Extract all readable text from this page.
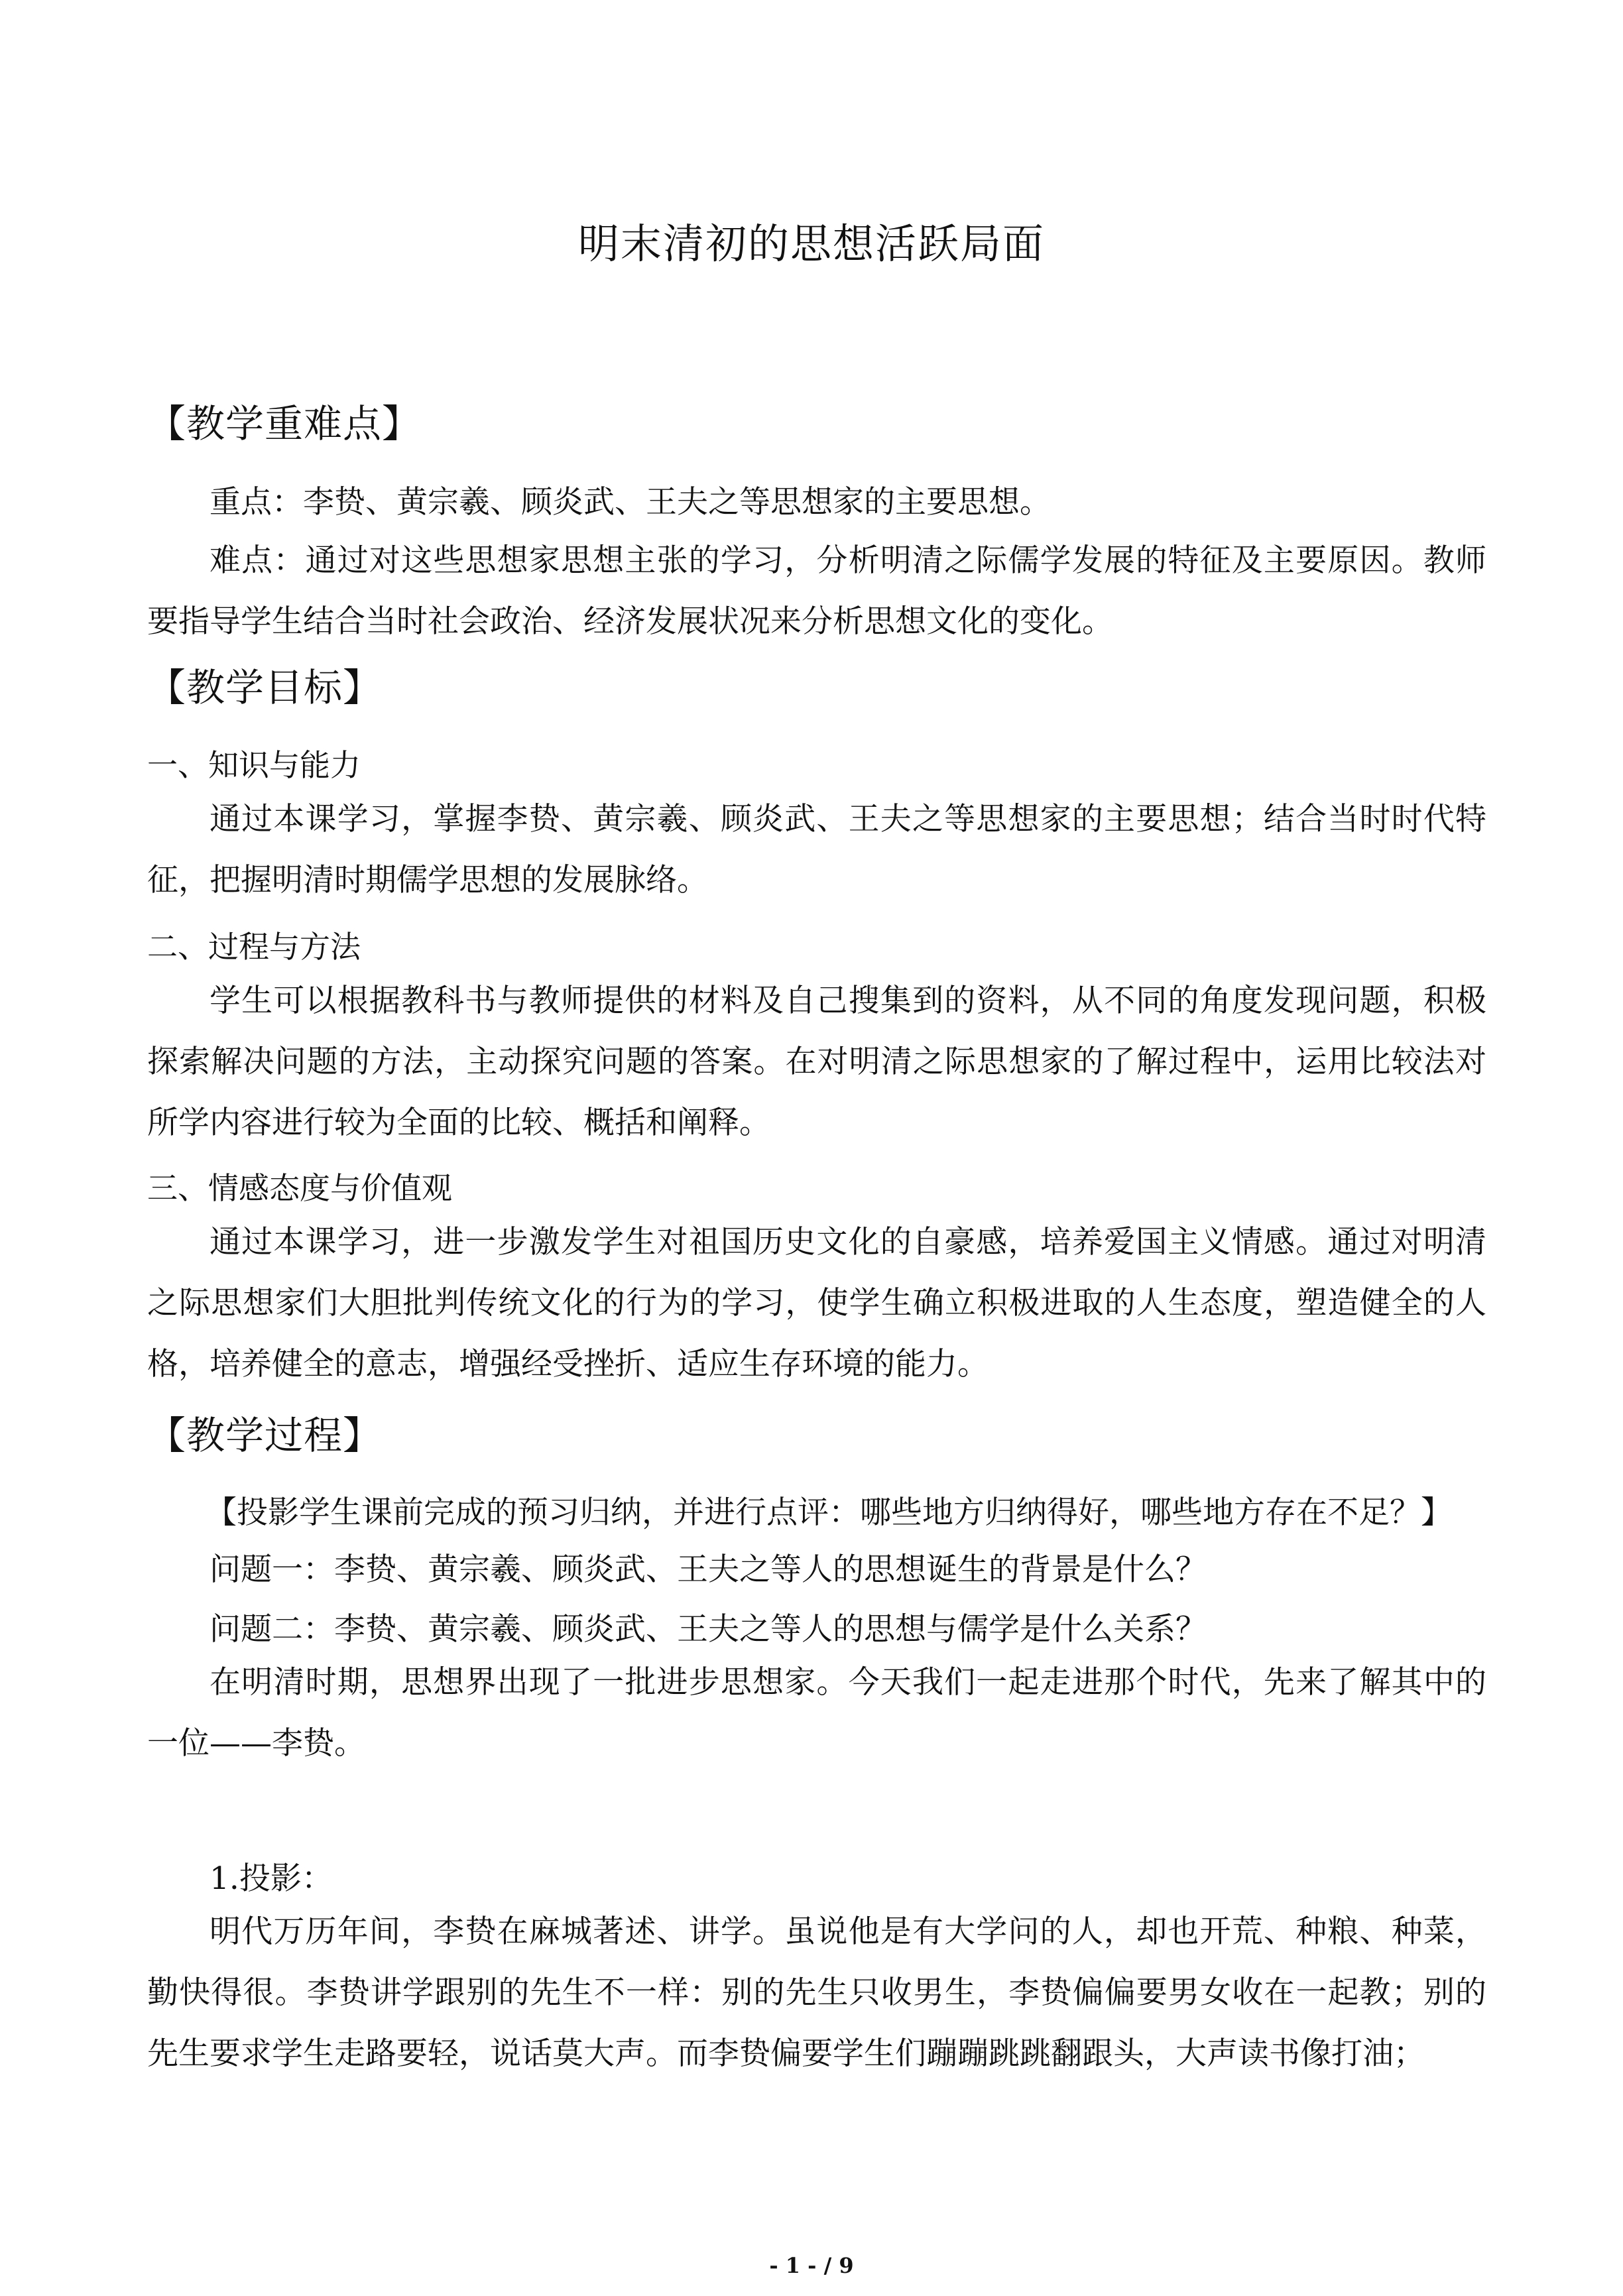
明末清初的思想活跃局面
【教学重难点】
重点：李贽、黄宗羲、顾炎武、王夫之等思想家的主要思想。
难点：通过对这些思想家思想主张的学习，分析明清之际儒学发展的特征及主要原因。教师要指导学生结合当时社会政治、经济发展状况来分析思想文化的变化。
【教学目标】
一、知识与能力
通过本课学习，掌握李贽、黄宗羲、顾炎武、王夫之等思想家的主要思想；结合当时时代特征，把握明清时期儒学思想的发展脉络。
二、过程与方法
学生可以根据教科书与教师提供的材料及自己搜集到的资料，从不同的角度发现问题，积极探索解决问题的方法，主动探究问题的答案。在对明清之际思想家的了解过程中，运用比较法对所学内容进行较为全面的比较、概括和阐释。
三、情感态度与价值观
通过本课学习，进一步激发学生对祖国历史文化的自豪感，培养爱国主义情感。通过对明清之际思想家们大胆批判传统文化的行为的学习，使学生确立积极进取的人生态度，塑造健全的人格，培养健全的意志，增强经受挫折、适应生存环境的能力。
【教学过程】
【投影学生课前完成的预习归纳，并进行点评：哪些地方归纳得好，哪些地方存在不足？】
问题一：李贽、黄宗羲、顾炎武、王夫之等人的思想诞生的背景是什么？
问题二：李贽、黄宗羲、顾炎武、王夫之等人的思想与儒学是什么关系？
在明清时期，思想界出现了一批进步思想家。今天我们一起走进那个时代，先来了解其中的一位——李贽。
1.投影：
明代万历年间，李贽在麻城著述、讲学。虽说他是有大学问的人，却也开荒、种粮、种菜，勤快得很。李贽讲学跟别的先生不一样：别的先生只收男生，李贽偏偏要男女收在一起教；别的先生要求学生走路要轻，说话莫大声。而李贽偏要学生们蹦蹦跳跳翻跟头，大声读书像打油；
- 1 - / 9
